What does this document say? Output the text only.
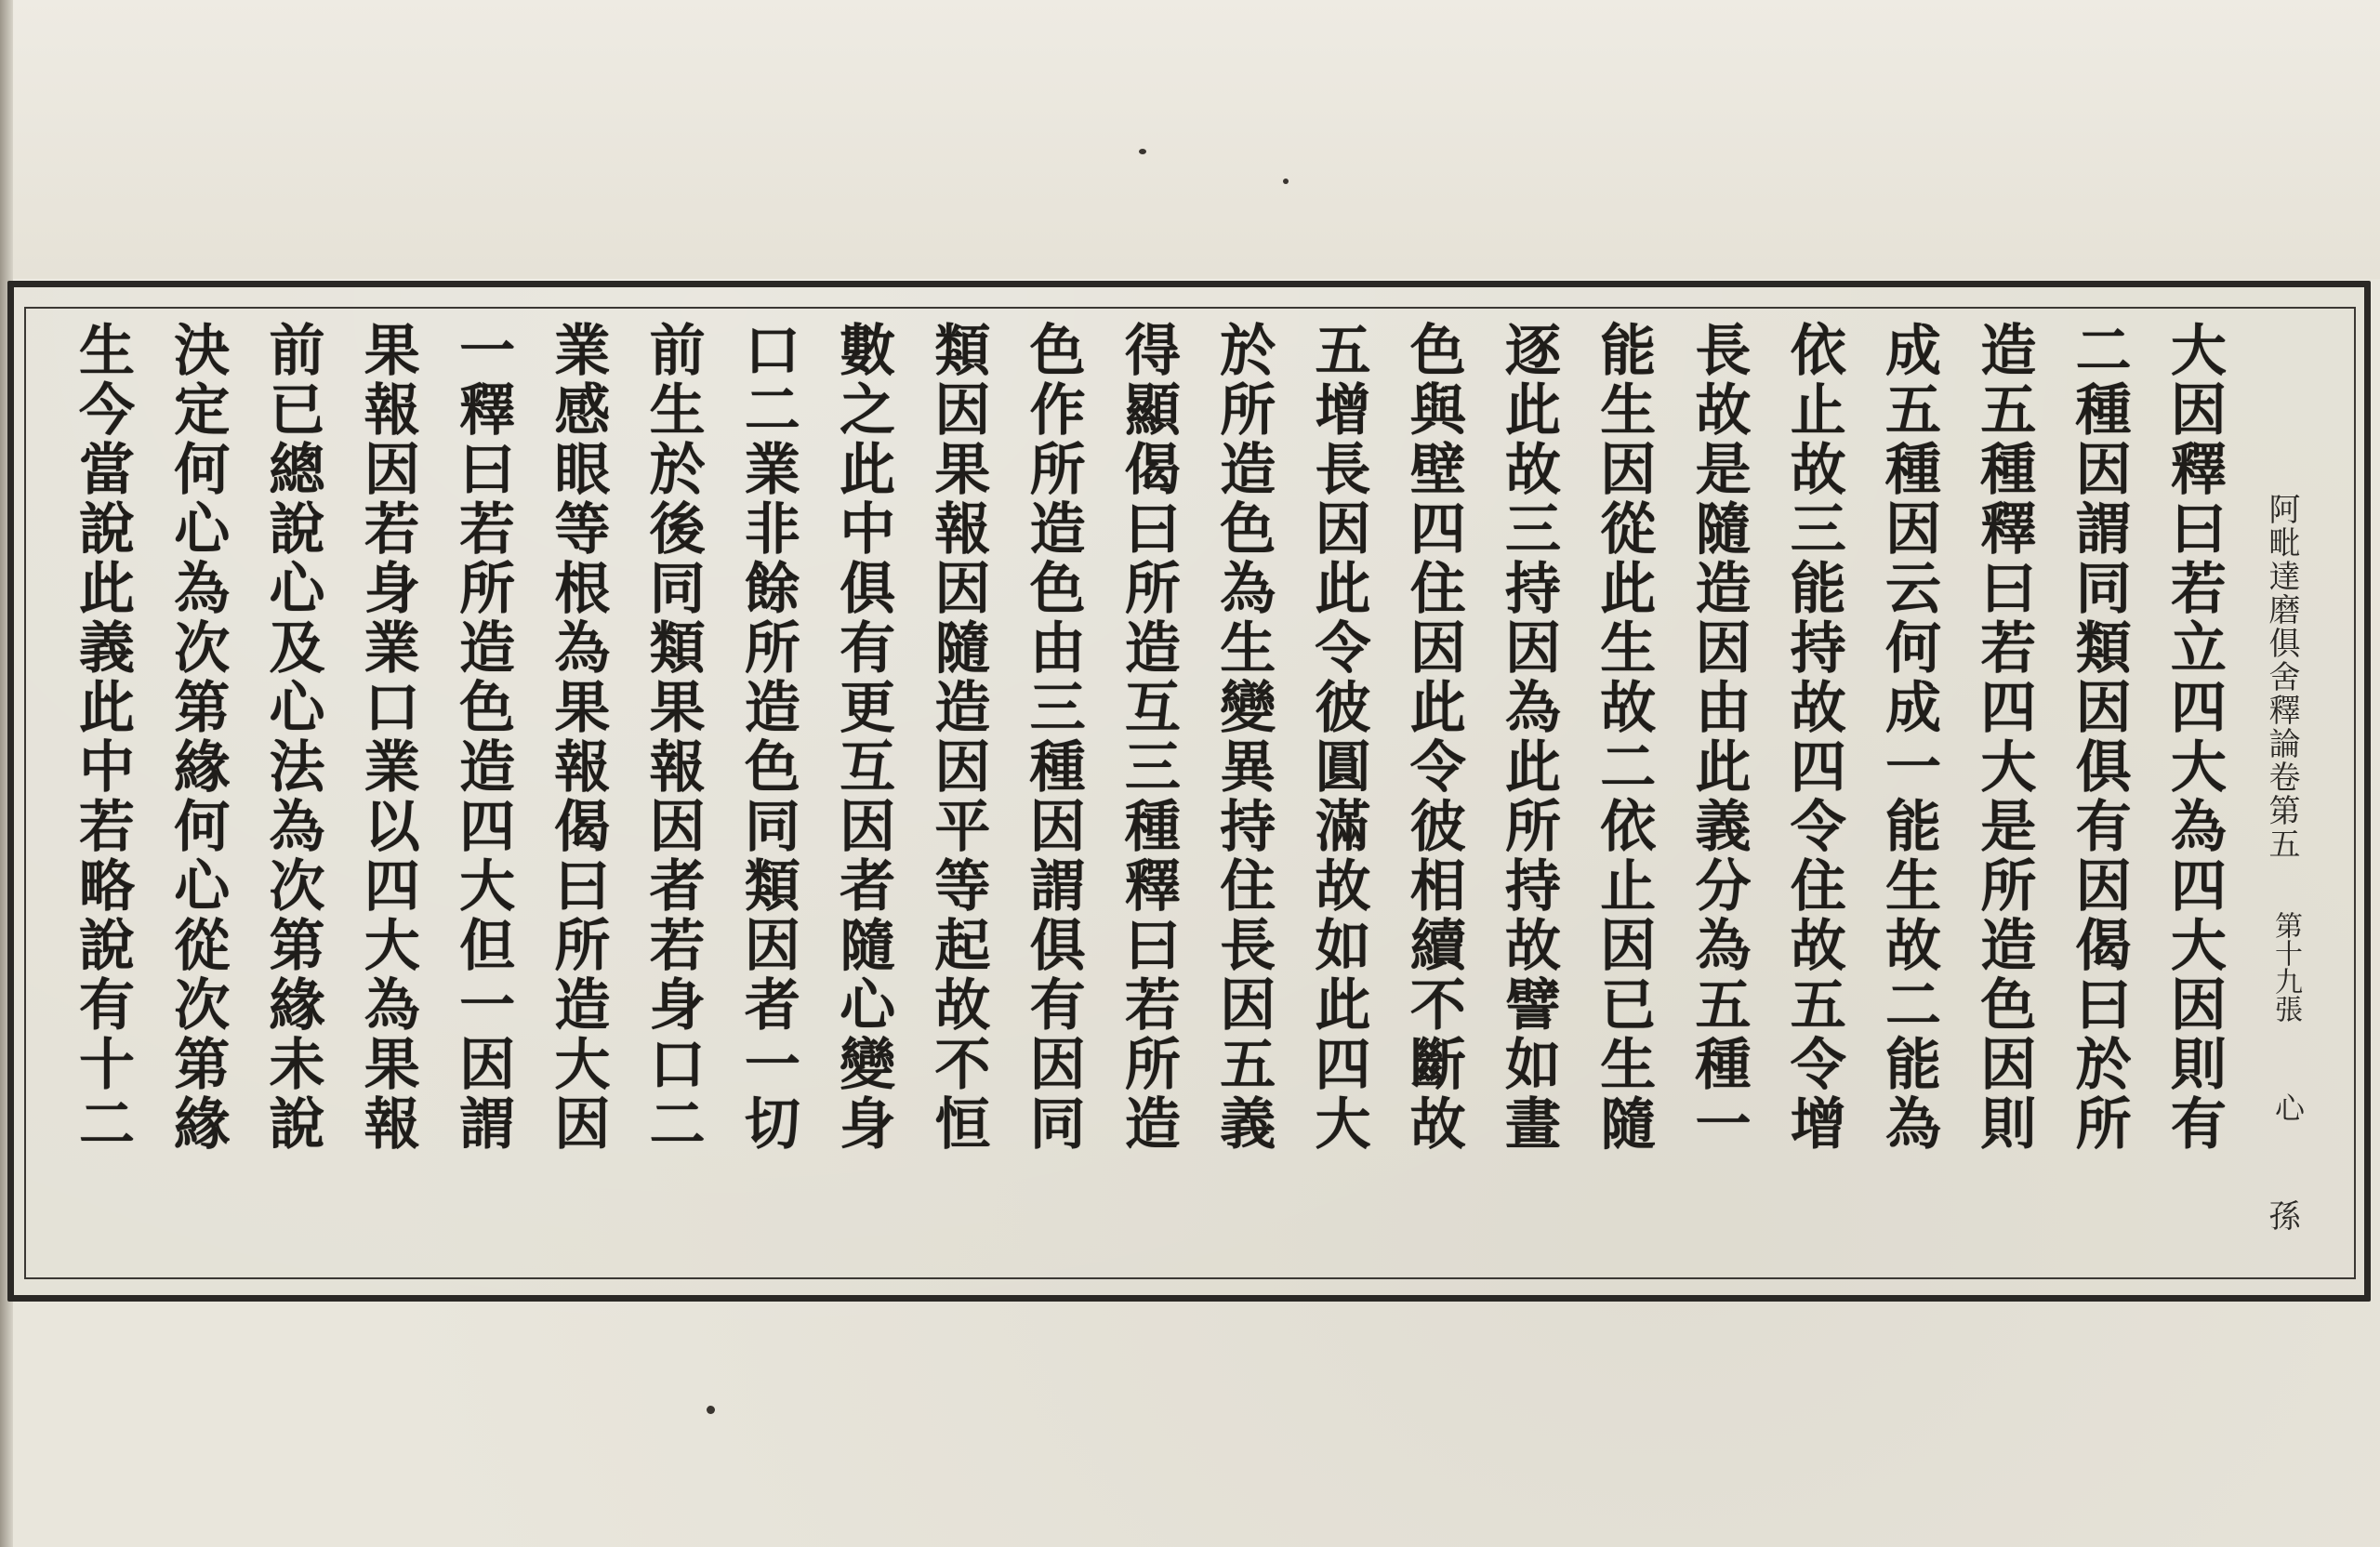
阿毗達磨俱舍釋論卷第五
第十九張
心
孫
大因釋曰若立四大為四大因則有
二種因謂同類因俱有因偈曰於所
造五種釋曰若四大是所造色因則
成五種因云何成一能生故二能為
依止故三能持故四令住故五令增
長故是隨造因由此義分為五種一
能生因從此生故二依止因已生隨
逐此故三持因為此所持故譬如畫
色與壁四住因此令彼相續不斷故
五增長因此令彼圓滿故如此四大
於所造色為生變異持住長因五義
得顯偈曰所造互三種釋曰若所造
色作所造色由三種因謂俱有因同
類因果報因隨造因平等起故不恒
數之此中俱有更互因者隨心變身
口二業非餘所造色同類因者一切
前生於後同類果報因者若身口二
業感眼等根為果報偈曰所造大因
一釋曰若所造色造四大但一因謂
果報因若身業口業以四大為果報
前已總說心及心法為次第緣未說
決定何心為次第緣何心從次第緣
生今當說此義此中若略說有十二
